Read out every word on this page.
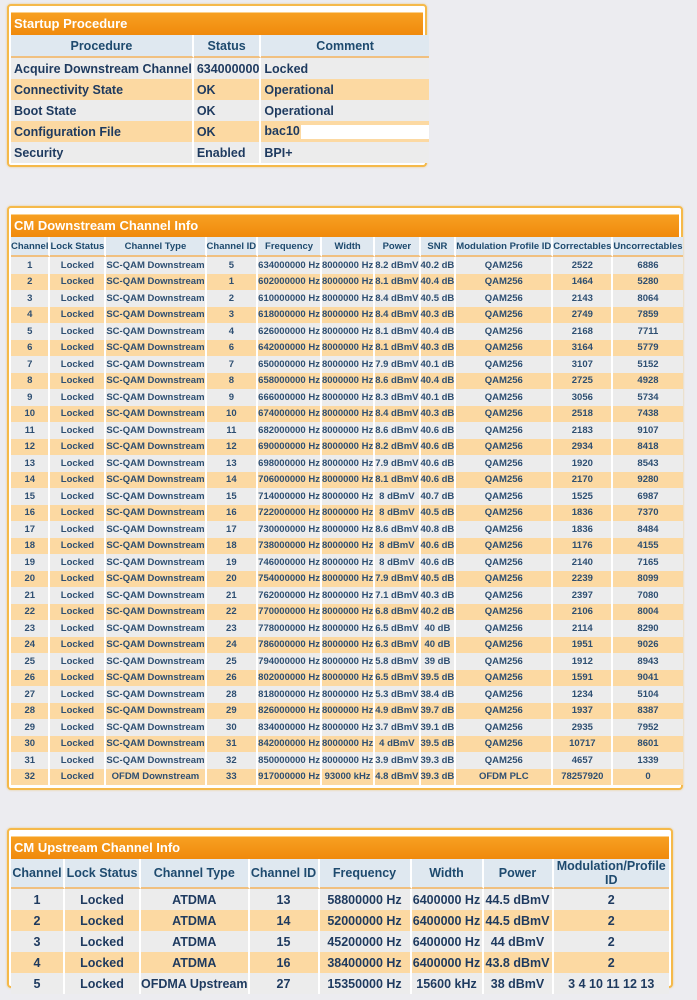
Startup Procedure
Procedure	Status	Comment
Acquire Downstream Channel	634000000	Locked
Connectivity State	OK	Operational
Boot State	OK	Operational
Configuration File	OK	bac10
Security	Enabled	BPI+
CM Downstream Channel Info
Channel	Lock Status	Channel Type	Channel ID	Frequency	Width	Power	SNR	Modulation Profile ID	Correctables	Uncorrectables
1	Locked	SC-QAM Downstream	5	634000000 Hz	8000000 Hz	8.2 dBmV	40.2 dB	QAM256	2522	6886
2	Locked	SC-QAM Downstream	1	602000000 Hz	8000000 Hz	8.1 dBmV	40.4 dB	QAM256	1464	5280
3	Locked	SC-QAM Downstream	2	610000000 Hz	8000000 Hz	8.4 dBmV	40.5 dB	QAM256	2143	8064
4	Locked	SC-QAM Downstream	3	618000000 Hz	8000000 Hz	8.4 dBmV	40.3 dB	QAM256	2749	7859
5	Locked	SC-QAM Downstream	4	626000000 Hz	8000000 Hz	8.1 dBmV	40.4 dB	QAM256	2168	7711
6	Locked	SC-QAM Downstream	6	642000000 Hz	8000000 Hz	8.1 dBmV	40.3 dB	QAM256	3164	5779
7	Locked	SC-QAM Downstream	7	650000000 Hz	8000000 Hz	7.9 dBmV	40.1 dB	QAM256	3107	5152
8	Locked	SC-QAM Downstream	8	658000000 Hz	8000000 Hz	8.6 dBmV	40.4 dB	QAM256	2725	4928
9	Locked	SC-QAM Downstream	9	666000000 Hz	8000000 Hz	8.3 dBmV	40.1 dB	QAM256	3056	5734
10	Locked	SC-QAM Downstream	10	674000000 Hz	8000000 Hz	8.4 dBmV	40.3 dB	QAM256	2518	7438
11	Locked	SC-QAM Downstream	11	682000000 Hz	8000000 Hz	8.6 dBmV	40.6 dB	QAM256	2183	9107
12	Locked	SC-QAM Downstream	12	690000000 Hz	8000000 Hz	8.2 dBmV	40.6 dB	QAM256	2934	8418
13	Locked	SC-QAM Downstream	13	698000000 Hz	8000000 Hz	7.9 dBmV	40.6 dB	QAM256	1920	8543
14	Locked	SC-QAM Downstream	14	706000000 Hz	8000000 Hz	8.1 dBmV	40.6 dB	QAM256	2170	9280
15	Locked	SC-QAM Downstream	15	714000000 Hz	8000000 Hz	8 dBmV	40.7 dB	QAM256	1525	6987
16	Locked	SC-QAM Downstream	16	722000000 Hz	8000000 Hz	8 dBmV	40.5 dB	QAM256	1836	7370
17	Locked	SC-QAM Downstream	17	730000000 Hz	8000000 Hz	8.6 dBmV	40.8 dB	QAM256	1836	8484
18	Locked	SC-QAM Downstream	18	738000000 Hz	8000000 Hz	8 dBmV	40.6 dB	QAM256	1176	4155
19	Locked	SC-QAM Downstream	19	746000000 Hz	8000000 Hz	8 dBmV	40.6 dB	QAM256	2140	7165
20	Locked	SC-QAM Downstream	20	754000000 Hz	8000000 Hz	7.9 dBmV	40.5 dB	QAM256	2239	8099
21	Locked	SC-QAM Downstream	21	762000000 Hz	8000000 Hz	7.1 dBmV	40.3 dB	QAM256	2397	7080
22	Locked	SC-QAM Downstream	22	770000000 Hz	8000000 Hz	6.8 dBmV	40.2 dB	QAM256	2106	8004
23	Locked	SC-QAM Downstream	23	778000000 Hz	8000000 Hz	6.5 dBmV	40 dB	QAM256	2114	8290
24	Locked	SC-QAM Downstream	24	786000000 Hz	8000000 Hz	6.3 dBmV	40 dB	QAM256	1951	9026
25	Locked	SC-QAM Downstream	25	794000000 Hz	8000000 Hz	5.8 dBmV	39 dB	QAM256	1912	8943
26	Locked	SC-QAM Downstream	26	802000000 Hz	8000000 Hz	6.5 dBmV	39.5 dB	QAM256	1591	9041
27	Locked	SC-QAM Downstream	28	818000000 Hz	8000000 Hz	5.3 dBmV	38.4 dB	QAM256	1234	5104
28	Locked	SC-QAM Downstream	29	826000000 Hz	8000000 Hz	4.9 dBmV	39.7 dB	QAM256	1937	8387
29	Locked	SC-QAM Downstream	30	834000000 Hz	8000000 Hz	3.7 dBmV	39.1 dB	QAM256	2935	7952
30	Locked	SC-QAM Downstream	31	842000000 Hz	8000000 Hz	4 dBmV	39.5 dB	QAM256	10717	8601
31	Locked	SC-QAM Downstream	32	850000000 Hz	8000000 Hz	3.9 dBmV	39.3 dB	QAM256	4657	1339
32	Locked	OFDM Downstream	33	917000000 Hz	93000 kHz	4.8 dBmV	39.3 dB	OFDM PLC	78257920	0
CM Upstream Channel Info
Channel	Lock Status	Channel Type	Channel ID	Frequency	Width	Power	Modulation/Profile ID
1	Locked	ATDMA	13	58800000 Hz	6400000 Hz	44.5 dBmV	2
2	Locked	ATDMA	14	52000000 Hz	6400000 Hz	44.5 dBmV	2
3	Locked	ATDMA	15	45200000 Hz	6400000 Hz	44 dBmV	2
4	Locked	ATDMA	16	38400000 Hz	6400000 Hz	43.8 dBmV	2
5	Locked	OFDMA Upstream	27	15350000 Hz	15600 kHz	38 dBmV	3 4 10 11 12 13
